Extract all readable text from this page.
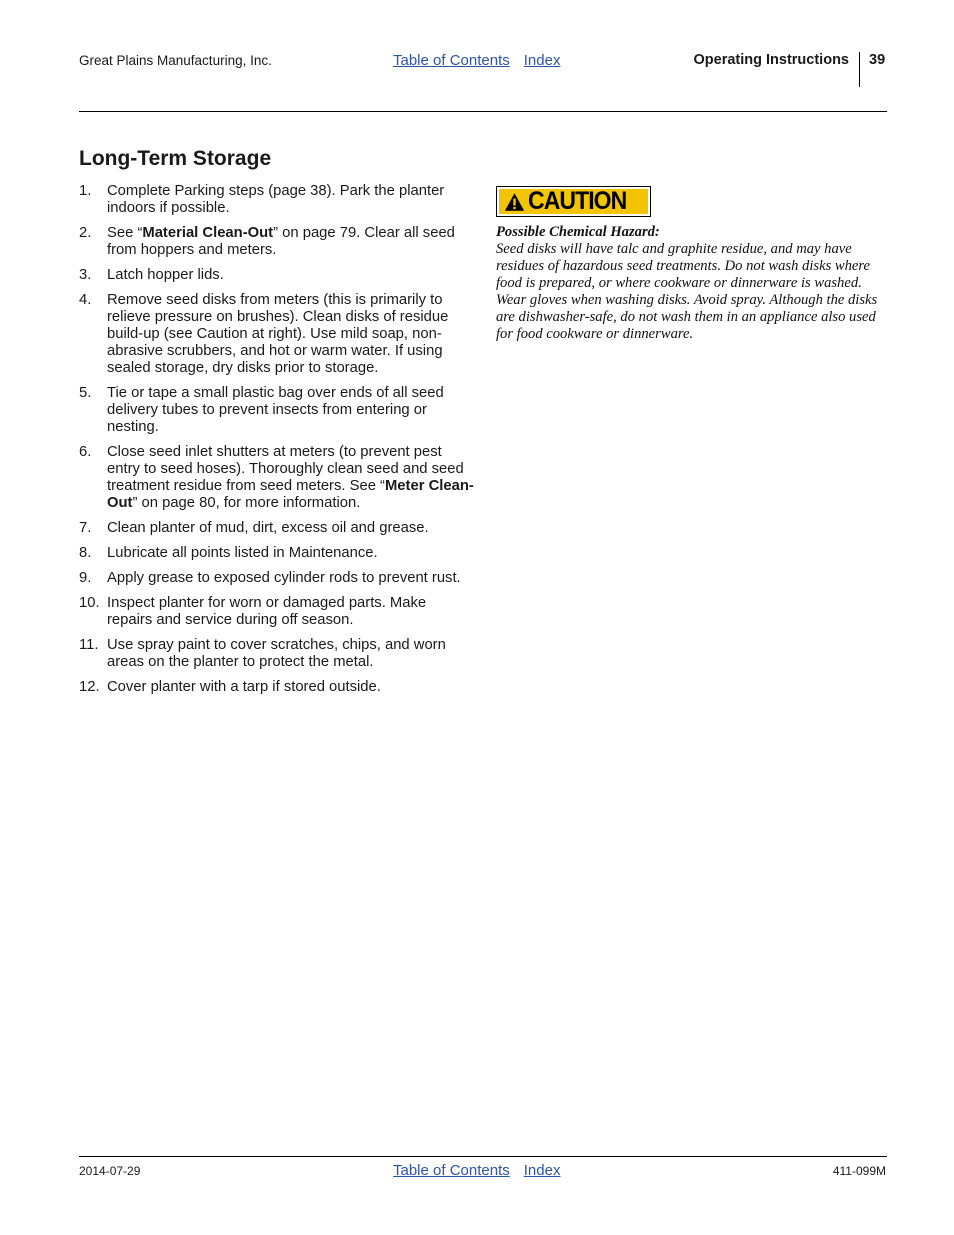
Great Plains Manufacturing, Inc.	Table of Contents Index	Operating Instructions 39
Long-Term Storage
1.	Complete Parking steps (page 38). Park the planter indoors if possible.
2.	See “Material Clean-Out” on page 79. Clear all seed from hoppers and meters.
3.	Latch hopper lids.
4.	Remove seed disks from meters (this is primarily to relieve pressure on brushes). Clean disks of residue build-up (see Caution at right). Use mild soap, non-abrasive scrubbers, and hot or warm water. If using sealed storage, dry disks prior to storage.
5.	Tie or tape a small plastic bag over ends of all seed delivery tubes to prevent insects from entering or nesting.
6.	Close seed inlet shutters at meters (to prevent pest entry to seed hoses). Thoroughly clean seed and seed treatment residue from seed meters. See “Meter Clean-Out” on page 80, for more information.
7.	Clean planter of mud, dirt, excess oil and grease.
8.	Lubricate all points listed in Maintenance.
9.	Apply grease to exposed cylinder rods to prevent rust.
10. Inspect planter for worn or damaged parts. Make repairs and service during off season.
11. Use spray paint to cover scratches, chips, and worn areas on the planter to protect the metal.
12. Cover planter with a tarp if stored outside.
CAUTION
Possible Chemical Hazard:
Seed disks will have talc and graphite residue, and may have residues of hazardous seed treatments. Do not wash disks where food is prepared, or where cookware or dinnerware is washed. Wear gloves when washing disks. Avoid spray. Although the disks are dishwasher-safe, do not wash them in an appliance also used for food cookware or dinnerware.
2014-07-29	Table of Contents Index	411-099M
